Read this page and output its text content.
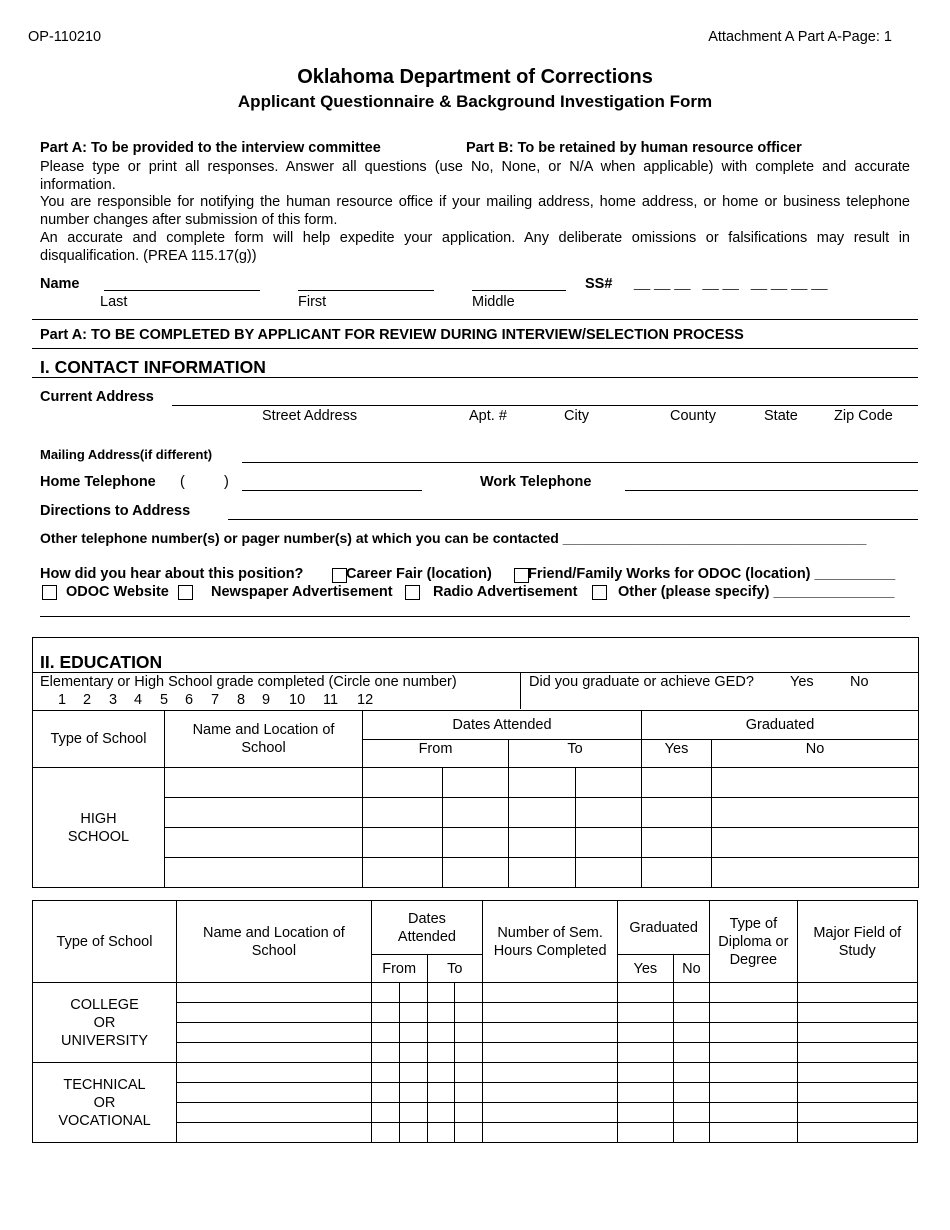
OP-110210	Attachment A Part A-Page: 1
Oklahoma Department of Corrections
Applicant Questionnaire & Background Investigation Form
Part A: To be provided to the interview committee	Part B: To be retained by human resource officer
Please type or print all responses. Answer all questions (use No, None, or N/A when applicable) with complete and accurate information.
You are responsible for notifying the human resource office if your mailing address, home address, or home or business telephone number changes after submission of this form.
An accurate and complete form will help expedite your application. Any deliberate omissions or falsifications may result in disqualification. (PREA 115.17(g))
Name	SS# __ __ __   __ __   __ __ __ __
Last	First	Middle
Part A: TO BE COMPLETED BY APPLICANT FOR REVIEW DURING INTERVIEW/SELECTION PROCESS
I. CONTACT INFORMATION
Current Address
Street Address	Apt. #	City	County	State Zip Code
Mailing Address(if different)
Home Telephone (	)	Work Telephone
Directions to Address
Other telephone number(s) or pager number(s) at which you can be contacted _______________________________________
How did you hear about this position?	Career Fair (location) Friend/Family Works for ODOC (location) __________
ODOC Website	Newspaper Advertisement	Radio Advertisement	Other (please specify) _______________
II. EDUCATION
Elementary or High School grade completed (Circle one number)	Did you graduate or achieve GED? Yes	No
1 2 3 4 5 6 7 8 9 10 11 12
Type of School	Name and Location of School	Dates Attended				Graduated	
		From		To		Yes	No
HIGH SCHOOL							

Type of School	Name and Location of School	Dates Attended				Number of Sem. Hours Completed	Graduated		Type of Diploma or Degree	Major Field of Study
		From		To			Yes	No		
COLLEGE OR UNIVERSITY										

TECHNICAL OR VOCATIONAL										
